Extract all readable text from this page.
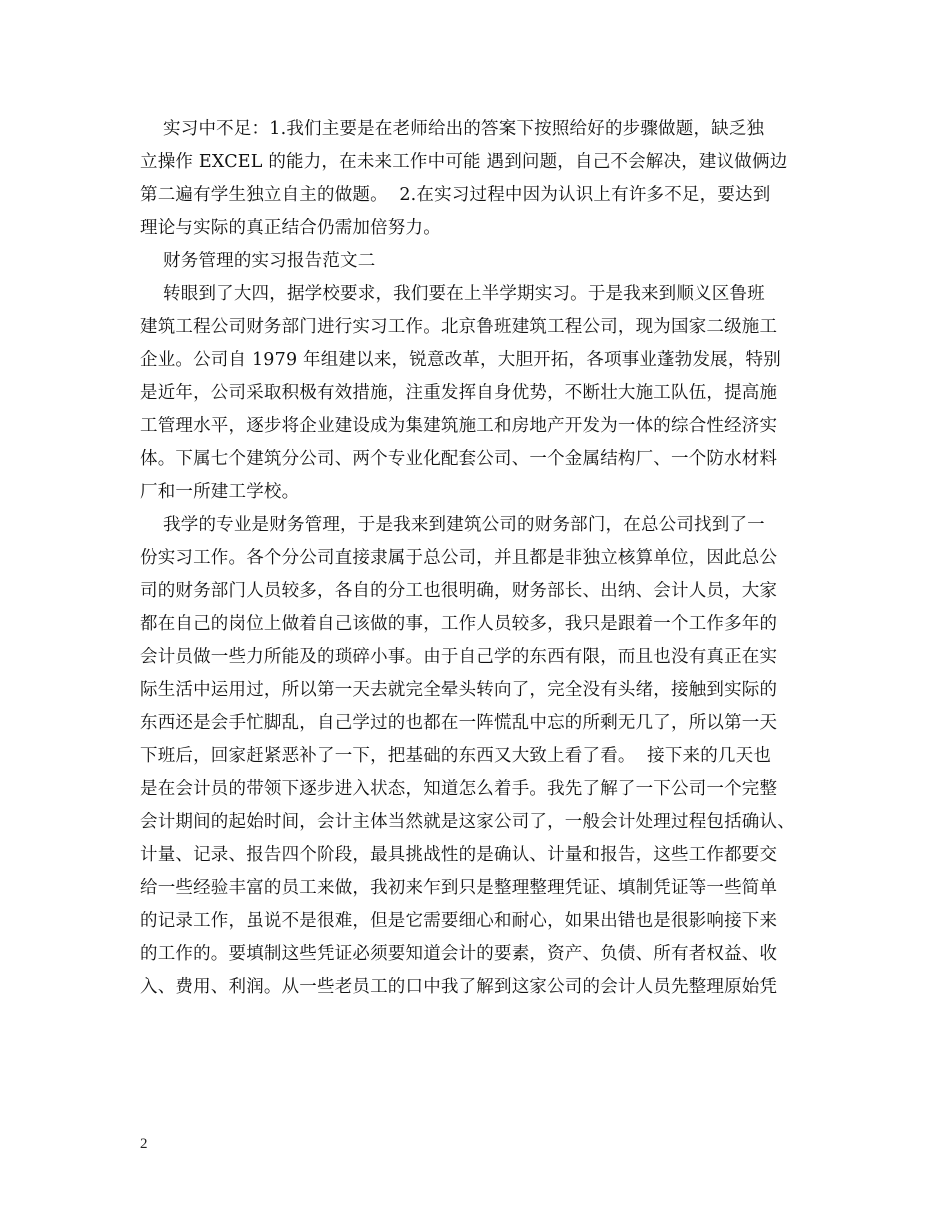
实习中不足：1.我们主要是在老师给出的答案下按照给好的步骤做题，缺乏独
立操作 EXCEL 的能力，在未来工作中可能 遇到问题，自己不会解决，建议做俩边
第二遍有学生独立自主的做题。  2.在实习过程中因为认识上有许多不足，要达到
理论与实际的真正结合仍需加倍努力。
财务管理的实习报告范文二
转眼到了大四，据学校要求，我们要在上半学期实习。于是我来到顺义区鲁班
建筑工程公司财务部门进行实习工作。北京鲁班建筑工程公司，现为国家二级施工
企业。公司自 1979 年组建以来，锐意改革，大胆开拓，各项事业蓬勃发展，特别
是近年，公司采取积极有效措施，注重发挥自身优势，不断壮大施工队伍，提高施
工管理水平，逐步将企业建设成为集建筑施工和房地产开发为一体的综合性经济实
体。下属七个建筑分公司、两个专业化配套公司、一个金属结构厂、一个防水材料
厂和一所建工学校。
我学的专业是财务管理，于是我来到建筑公司的财务部门，在总公司找到了一
份实习工作。各个分公司直接隶属于总公司，并且都是非独立核算单位，因此总公
司的财务部门人员较多，各自的分工也很明确，财务部长、出纳、会计人员，大家
都在自己的岗位上做着自己该做的事，工作人员较多，我只是跟着一个工作多年的
会计员做一些力所能及的琐碎小事。由于自己学的东西有限，而且也没有真正在实
际生活中运用过，所以第一天去就完全晕头转向了，完全没有头绪，接触到实际的
东西还是会手忙脚乱，自己学过的也都在一阵慌乱中忘的所剩无几了，所以第一天
下班后，回家赶紧恶补了一下，把基础的东西又大致上看了看。  接下来的几天也
是在会计员的带领下逐步进入状态，知道怎么着手。我先了解了一下公司一个完整
会计期间的起始时间，会计主体当然就是这家公司了，一般会计处理过程包括确认、
计量、记录、报告四个阶段，最具挑战性的是确认、计量和报告，这些工作都要交
给一些经验丰富的员工来做，我初来乍到只是整理整理凭证、填制凭证等一些简单
的记录工作，虽说不是很难，但是它需要细心和耐心，如果出错也是很影响接下来
的工作的。要填制这些凭证必须要知道会计的要素，资产、负债、所有者权益、收
入、费用、利润。从一些老员工的口中我了解到这家公司的会计人员先整理原始凭
2
